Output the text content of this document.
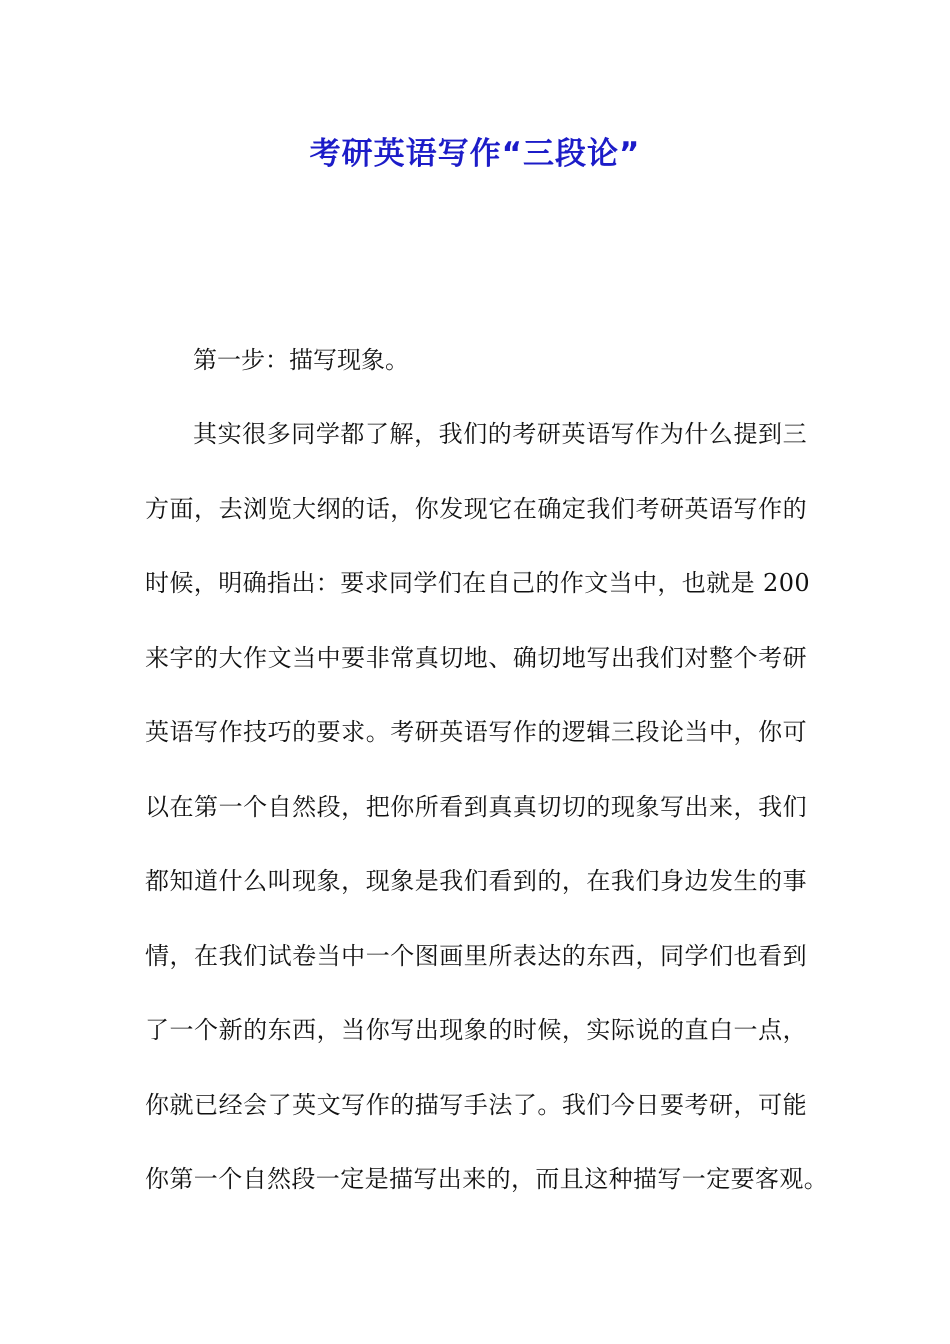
考研英语写作“三段论”
第一步：描写现象。

其实很多同学都了解，我们的考研英语写作为什么提到三

方面，去浏览大纲的话，你发现它在确定我们考研英语写作的

时候，明确指出：要求同学们在自己的作文当中，也就是 200

来字的大作文当中要非常真切地、确切地写出我们对整个考研

英语写作技巧的要求。考研英语写作的逻辑三段论当中，你可

以在第一个自然段，把你所看到真真切切的现象写出来，我们

都知道什么叫现象，现象是我们看到的，在我们身边发生的事

情，在我们试卷当中一个图画里所表达的东西，同学们也看到

了一个新的东西，当你写出现象的时候，实际说的直白一点，

你就已经会了英文写作的描写手法了。我们今日要考研，可能

你第一个自然段一定是描写出来的，而且这种描写一定要客观。
